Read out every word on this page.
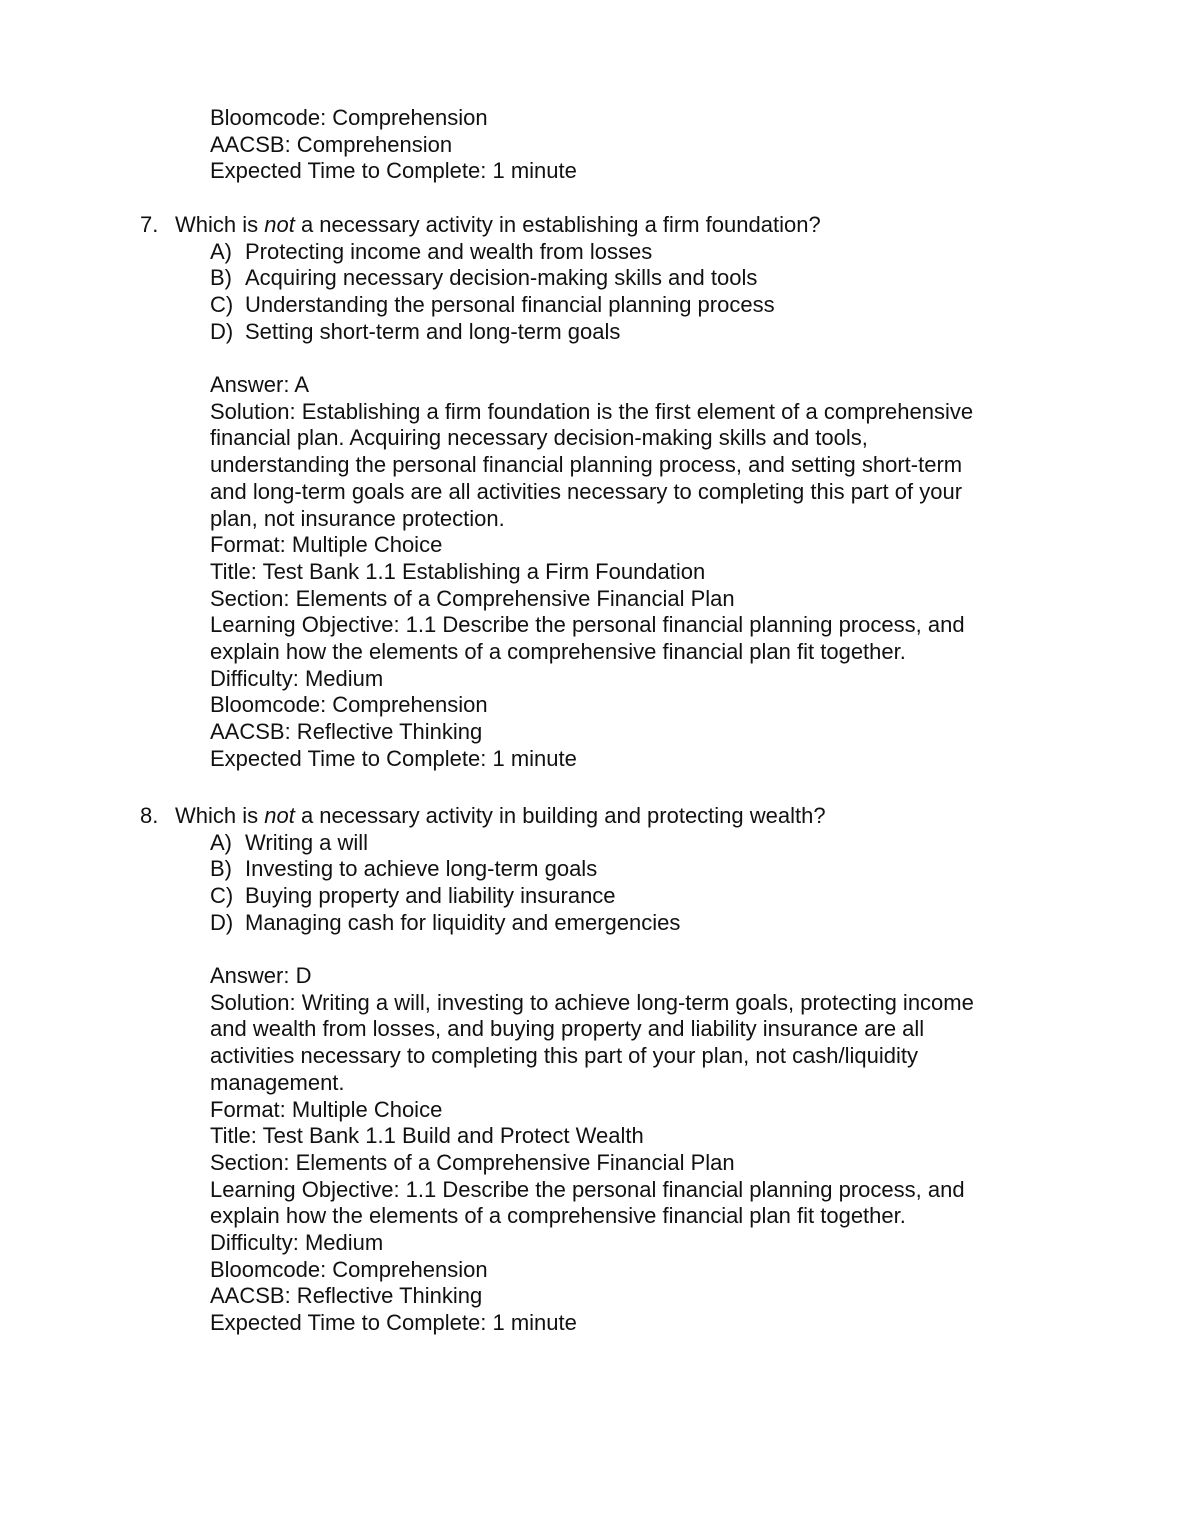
Bloomcode: Comprehension
AACSB: Comprehension
Expected Time to Complete: 1 minute
7. Which is not a necessary activity in establishing a firm foundation?
A) Protecting income and wealth from losses
B) Acquiring necessary decision-making skills and tools
C) Understanding the personal financial planning process
D) Setting short-term and long-term goals
Answer: A
Solution: Establishing a firm foundation is the first element of a comprehensive
financial plan. Acquiring necessary decision-making skills and tools,
understanding the personal financial planning process, and setting short-term
and long-term goals are all activities necessary to completing this part of your
plan, not insurance protection.
Format: Multiple Choice
Title: Test Bank 1.1 Establishing a Firm Foundation
Section: Elements of a Comprehensive Financial Plan
Learning Objective: 1.1 Describe the personal financial planning process, and
explain how the elements of a comprehensive financial plan fit together.
Difficulty: Medium
Bloomcode: Comprehension
AACSB: Reflective Thinking
Expected Time to Complete: 1 minute
8. Which is not a necessary activity in building and protecting wealth?
A) Writing a will
B) Investing to achieve long-term goals
C) Buying property and liability insurance
D) Managing cash for liquidity and emergencies
Answer: D
Solution: Writing a will, investing to achieve long-term goals, protecting income
and wealth from losses, and buying property and liability insurance are all
activities necessary to completing this part of your plan, not cash/liquidity
management.
Format: Multiple Choice
Title: Test Bank 1.1 Build and Protect Wealth
Section: Elements of a Comprehensive Financial Plan
Learning Objective: 1.1 Describe the personal financial planning process, and
explain how the elements of a comprehensive financial plan fit together.
Difficulty: Medium
Bloomcode: Comprehension
AACSB: Reflective Thinking
Expected Time to Complete: 1 minute
